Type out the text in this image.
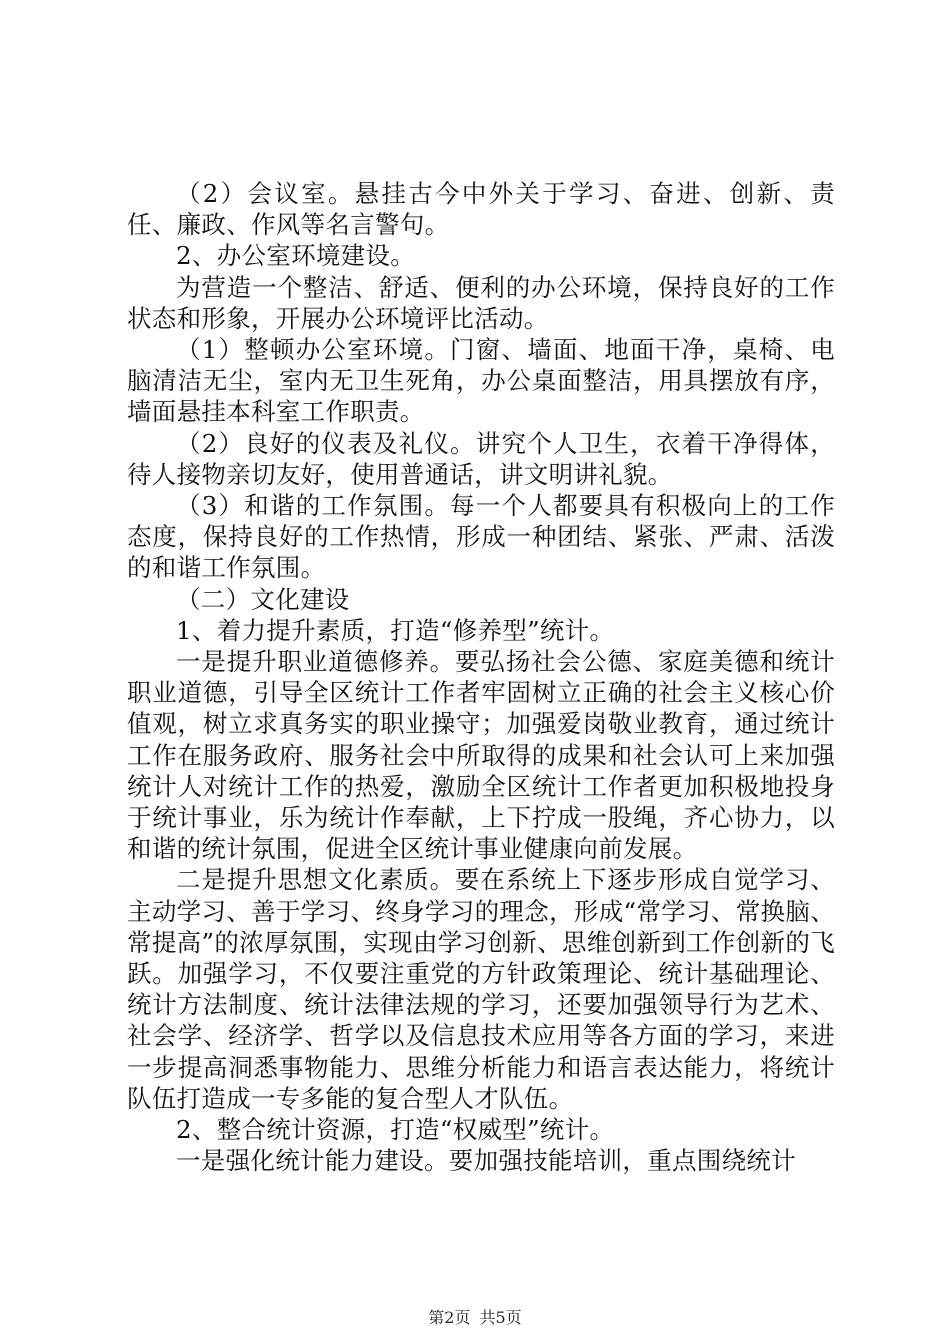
（2）会议室。悬挂古今中外关于学习、奋进、创新、责任、廉政、作风等名言警句。

2、办公室环境建设。

为营造一个整洁、舒适、便利的办公环境，保持良好的工作状态和形象，开展办公环境评比活动。

（1）整顿办公室环境。门窗、墙面、地面干净，桌椅、电脑清洁无尘，室内无卫生死角，办公桌面整洁，用具摆放有序，墙面悬挂本科室工作职责。

（2）良好的仪表及礼仪。讲究个人卫生，衣着干净得体，待人接物亲切友好，使用普通话，讲文明讲礼貌。

（3）和谐的工作氛围。每一个人都要具有积极向上的工作态度，保持良好的工作热情，形成一种团结、紧张、严肃、活泼的和谐工作氛围。

（二）文化建设

1、着力提升素质，打造“修养型”统计。

一是提升职业道德修养。要弘扬社会公德、家庭美德和统计职业道德，引导全区统计工作者牢固树立正确的社会主义核心价值观，树立求真务实的职业操守；加强爱岗敬业教育，通过统计工作在服务政府、服务社会中所取得的成果和社会认可上来加强统计人对统计工作的热爱，激励全区统计工作者更加积极地投身于统计事业，乐为统计作奉献，上下拧成一股绳，齐心协力，以和谐的统计氛围，促进全区统计事业健康向前发展。

二是提升思想文化素质。要在系统上下逐步形成自觉学习、主动学习、善于学习、终身学习的理念，形成“常学习、常换脑、常提高”的浓厚氛围，实现由学习创新、思维创新到工作创新的飞跃。加强学习，不仅要注重党的方针政策理论、统计基础理论、统计方法制度、统计法律法规的学习，还要加强领导行为艺术、社会学、经济学、哲学以及信息技术应用等各方面的学习，来进一步提高洞悉事物能力、思维分析能力和语言表达能力，将统计队伍打造成一专多能的复合型人才队伍。

2、整合统计资源，打造“权威型”统计。

一是强化统计能力建设。要加强技能培训，重点围绕统计

第2页 共5页
